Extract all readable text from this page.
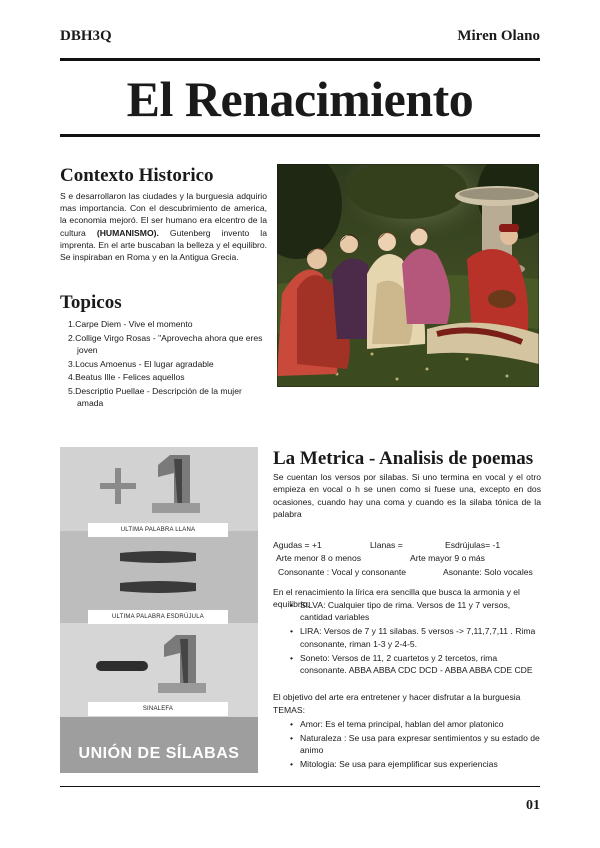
DBH3Q	Miren Olano
El Renacimiento
Contexto Historico

S e desarrollaron las ciudades y la burguesia adquirio mas importancia. Con el descubrimiento de america, la economia mejoró. El ser humano era elcentro de la cultura (HUMANISMO). Gutenberg invento la imprenta. En el arte buscaban la belleza y el equilibro. Se inspiraban en Roma y en la Antigua Grecia.

Topicos
1.Carpe Diem - Vive el momento
2.Collige Virgo Rosas - "Aprovecha ahora que eres joven
3.Locus Amoenus - El lugar agradable
4.Beatus Ille - Felices aquellos
5.Descriptio Puellae - Descripción de la mujer amada
ULTIMA PALABRA LLANA
ULTIMA PALABRA ESDRÚJULA
SINALEFA
UNIÓN DE SÍLABAS
La Metrica - Analisis de poemas

Se cuentan los versos por silabas. Si uno termina en vocal y el otro empieza en vocal o h se unen como si fuese una, excepto en dos ocasiones, cuando hay una coma y cuando es la silaba tónica de la palabra

Agudas = +1	Llanas =	Esdrújulas= -1
Arte menor 8 o menos	Arte mayor 9 o más
Consonante : Vocal y consonante	Asonante: Solo vocales

En el renacimiento la lírica era sencilla que busca la armonia y el equilibrio.

• SILVA: Cualquier tipo de rima. Versos de 11 y 7 versos, cantidad variables
• LIRA: Versos de 7 y 11 silabas. 5 versos -> 7,11,7,7,11 . Rima consonante, riman 1-3 y 2-4-5.
• Soneto: Versos de 11, 2 cuartetos y 2 tercetos, rima consonante. ABBA ABBA CDC DCD - ABBA ABBA CDE CDE

El objetivo del arte era entretener y hacer disfrutar a la burguesia

TEMAS:

• Amor: Es el tema principal, hablan del amor platonico
• Naturaleza : Se usa para expresar sentimientos y su estado de animo
• Mitologia: Se usa para ejemplificar sus experiencias
01
